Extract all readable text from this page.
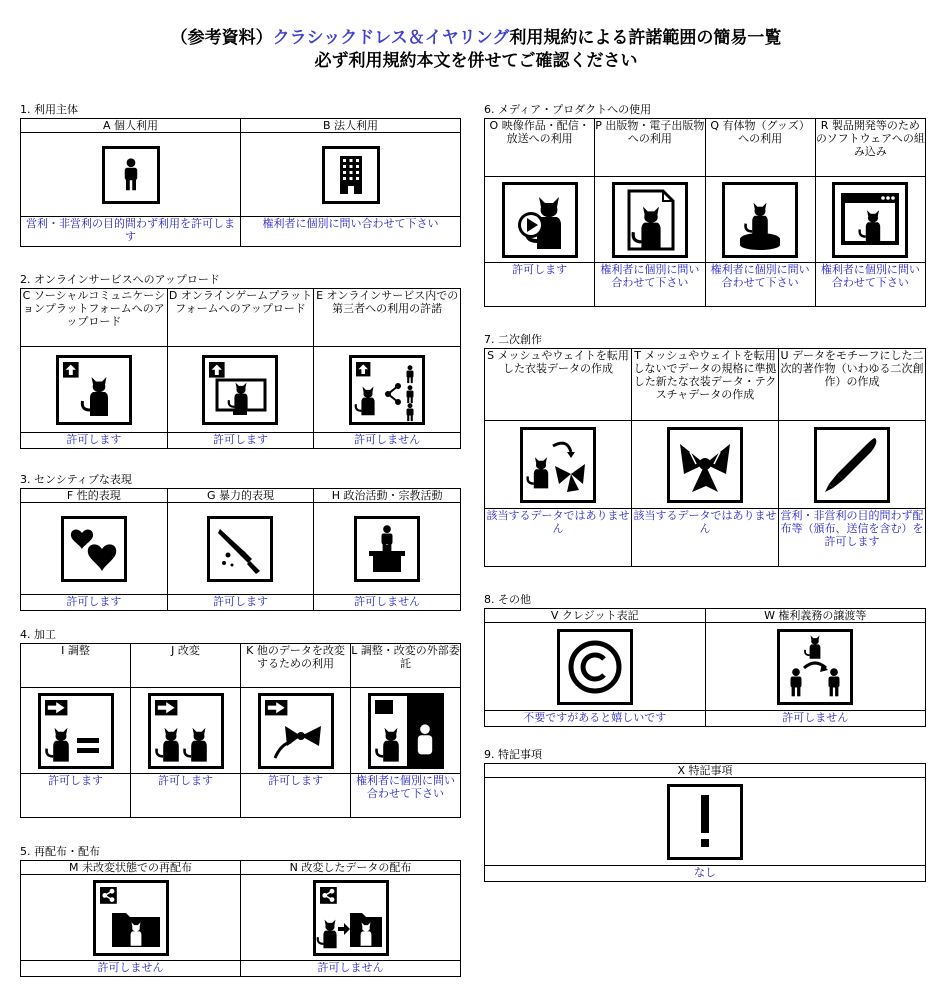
（参考資料）クラシックドレス＆イヤリング利用規約による許諾範囲の簡易一覧
必ず利用規約本文を併せてご確認ください
1. 利用主体
A 個人利用	B 法人利用

営利・非営利の目的問わず利用を許可します	権利者に個別に問い合わせて下さい
2. オンラインサービスへのアップロード
C ソーシャルコミュニケーションプラットフォームへのアップロード	D オンラインゲームプラットフォームへのアップロード	E オンラインサービス内での第三者への利用の許諾

許可します	許可します	許可しません
3. センシティブな表現
F 性的表現	G 暴力的表現	H 政治活動・宗教活動

許可します	許可します	許可しません
4. 加工
I 調整	J 改変	K 他のデータを改変するための利用	L 調整・改変の外部委託

許可します	許可します	許可します	権利者に個別に問い合わせて下さい
5. 再配布・配布
M 未改変状態での再配布	N 改変したデータの配布

許可しません	許可しません
6. メディア・プロダクトへの使用
O 映像作品・配信・放送への利用	P 出版物・電子出版物への利用	Q 有体物（グッズ）への利用	R 製品開発等のためのソフトウェアへの組み込み

許可します	権利者に個別に問い合わせて下さい	権利者に個別に問い合わせて下さい	権利者に個別に問い合わせて下さい
7. 二次創作
S メッシュやウェイトを転用した衣装データの作成	T メッシュやウェイトを転用しないでデータの規格に準拠した新たな衣装データ・テクスチャデータの作成	U データをモチーフにした二次的著作物（いわゆる二次創作）の作成

該当するデータではありません	該当するデータではありません	営利・非営利の目的問わず配布等（頒布、送信を含む）を許可します
8. その他
V クレジット表記	W 権利義務の譲渡等

不要ですがあると嬉しいです	許可しません
9. 特記事項
X 特記事項

なし
